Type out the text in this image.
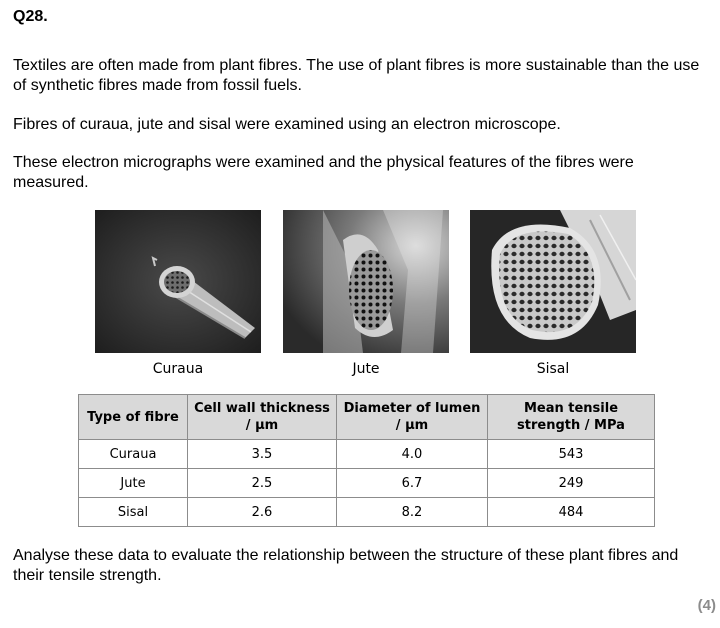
Q28.

Textiles are often made from plant fibres. The use of plant fibres is more sustainable than the use of synthetic fibres made from fossil fuels.

Fibres of curaua, jute and sisal were examined using an electron microscope.

These electron micrographs were examined and the physical features of the fibres were measured.

Curaua	Jute	Sisal
Type of fibre	Cell wall thickness / μm	Diameter of lumen / μm	Mean tensile strength / MPa
Curaua	3.5	4.0	543
Jute	2.5	6.7	249
Sisal	2.6	8.2	484

Analyse these data to evaluate the relationship between the structure of these plant fibres and their tensile strength.

(4)
